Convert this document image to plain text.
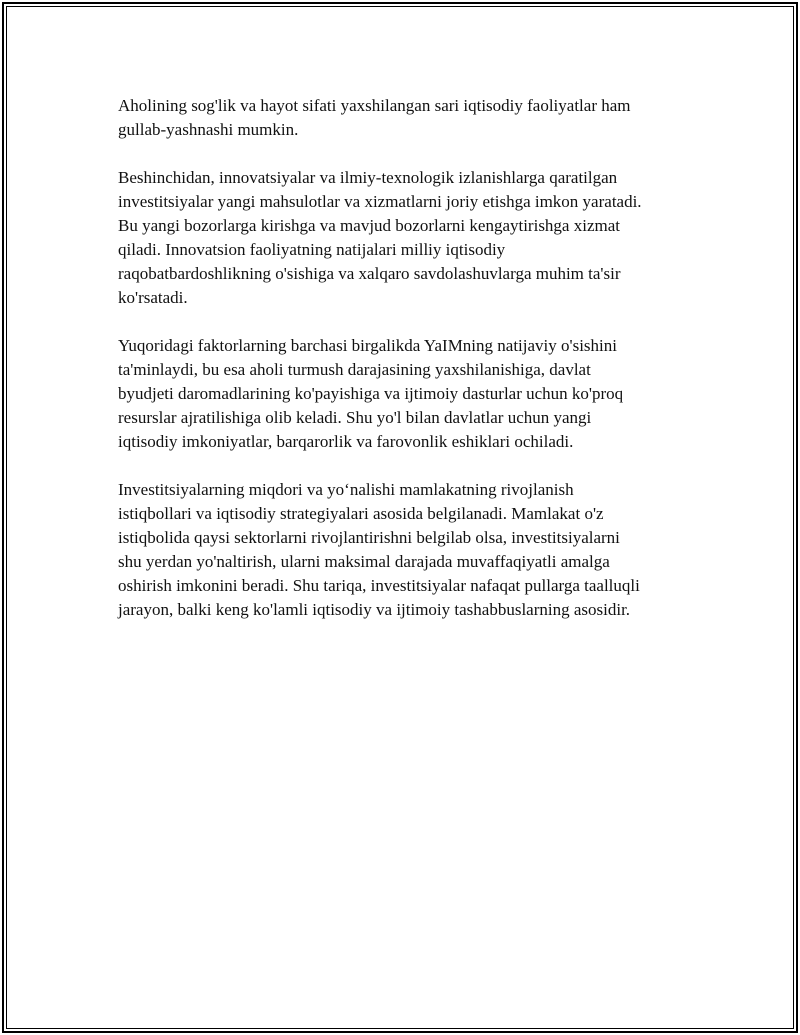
Aholining sog'lik va hayot sifati yaxshilangan sari iqtisodiy faoliyatlar ham
gullab-yashnashi mumkin.

Beshinchidan, innovatsiyalar va ilmiy-texnologik izlanishlarga qaratilgan
investitsiyalar yangi mahsulotlar va xizmatlarni joriy etishga imkon yaratadi.
Bu yangi bozorlarga kirishga va mavjud bozorlarni kengaytirishga xizmat
qiladi. Innovatsion faoliyatning natijalari milliy iqtisodiy
raqobatbardoshlikning o'sishiga va xalqaro savdolashuvlarga muhim ta'sir
ko'rsatadi.

Yuqoridagi faktorlarning barchasi birgalikda YaIMning natijaviy o'sishini
ta'minlaydi, bu esa aholi turmush darajasining yaxshilanishiga, davlat
byudjeti daromadlarining ko'payishiga va ijtimoiy dasturlar uchun ko'proq
resurslar ajratilishiga olib keladi. Shu yo'l bilan davlatlar uchun yangi
iqtisodiy imkoniyatlar, barqarorlik va farovonlik eshiklari ochiladi.

Investitsiyalarning miqdori va yo‘nalishi mamlakatning rivojlanish
istiqbollari va iqtisodiy strategiyalari asosida belgilanadi. Mamlakat o'z
istiqbolida qaysi sektorlarni rivojlantirishni belgilab olsa, investitsiyalarni
shu yerdan yo'naltirish, ularni maksimal darajada muvaffaqiyatli amalga
oshirish imkonini beradi. Shu tariqa, investitsiyalar nafaqat pullarga taalluqli
jarayon, balki keng ko'lamli iqtisodiy va ijtimoiy tashabbuslarning asosidir.
